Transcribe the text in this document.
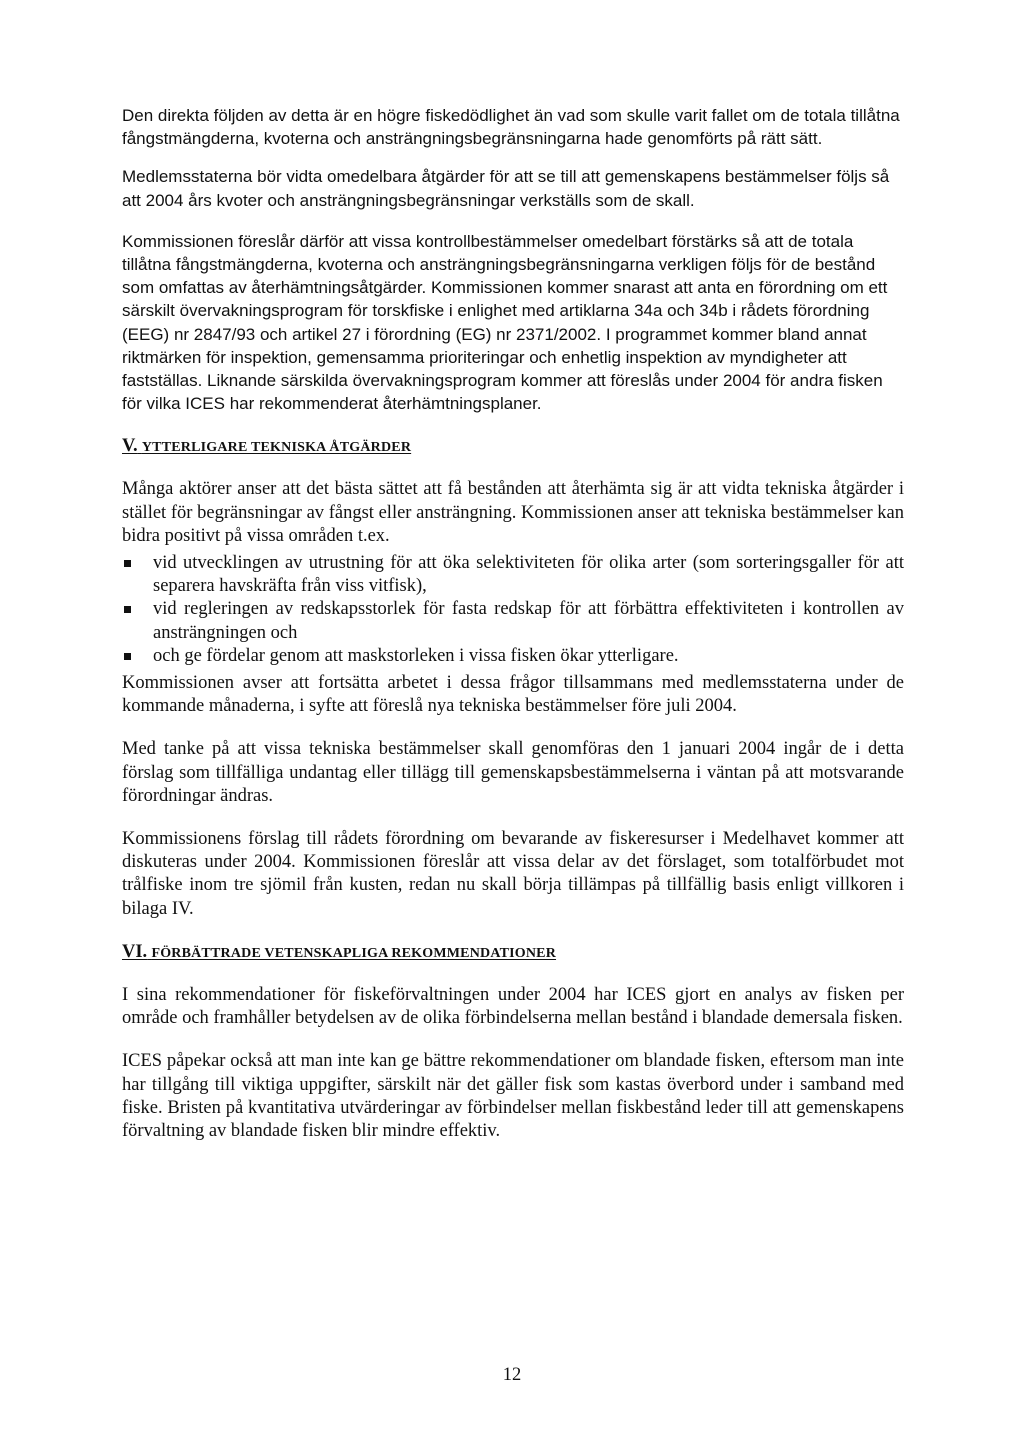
Den direkta följden av detta är en högre fiskedödlighet än vad som skulle varit fallet om de totala tillåtna fångstmängderna, kvoterna och ansträngningsbegränsningarna hade genomförts på rätt sätt.

Medlemsstaterna bör vidta omedelbara åtgärder för att se till att gemenskapens bestämmelser följs så att 2004 års kvoter och ansträngningsbegränsningar verkställs som de skall.

Kommissionen föreslår därför att vissa kontrollbestämmelser omedelbart förstärks så att de totala tillåtna fångstmängderna, kvoterna och ansträngningsbegränsningarna verkligen följs för de bestånd som omfattas av återhämtningsåtgärder. Kommissionen kommer snarast att anta en förordning om ett särskilt övervakningsprogram för torskfiske i enlighet med artiklarna 34a och 34b i rådets förordning (EEG) nr 2847/93 och artikel 27 i förordning (EG) nr 2371/2002. I programmet kommer bland annat riktmärken för inspektion, gemensamma prioriteringar och enhetlig inspektion av myndigheter att fastställas. Liknande särskilda övervakningsprogram kommer att föreslås under 2004 för andra fisken för vilka ICES har rekommenderat återhämtningsplaner.

V. YTTERLIGARE TEKNISKA ÅTGÄRDER

Många aktörer anser att det bästa sättet att få bestånden att återhämta sig är att vidta tekniska åtgärder i stället för begränsningar av fångst eller ansträngning. Kommissionen anser att tekniska bestämmelser kan bidra positivt på vissa områden t.ex.

vid utvecklingen av utrustning för att öka selektiviteten för olika arter (som sorteringsgaller för att separera havskräfta från viss vitfisk),
vid regleringen av redskapsstorlek för fasta redskap för att förbättra effektiviteten i kontrollen av ansträngningen och
och ge fördelar genom att maskstorleken i vissa fisken ökar ytterligare.

Kommissionen avser att fortsätta arbetet i dessa frågor tillsammans med medlemsstaterna under de kommande månaderna, i syfte att föreslå nya tekniska bestämmelser före juli 2004.

Med tanke på att vissa tekniska bestämmelser skall genomföras den 1 januari 2004 ingår de i detta förslag som tillfälliga undantag eller tillägg till gemenskapsbestämmelserna i väntan på att motsvarande förordningar ändras.

Kommissionens förslag till rådets förordning om bevarande av fiskeresurser i Medelhavet kommer att diskuteras under 2004. Kommissionen föreslår att vissa delar av det förslaget, som totalförbudet mot trålfiske inom tre sjömil från kusten, redan nu skall börja tillämpas på tillfällig basis enligt villkoren i bilaga IV.

VI. FÖRBÄTTRADE VETENSKAPLIGA REKOMMENDATIONER

I sina rekommendationer för fiskeförvaltningen under 2004 har ICES gjort en analys av fisken per område och framhåller betydelsen av de olika förbindelserna mellan bestånd i blandade demersala fisken.

ICES påpekar också att man inte kan ge bättre rekommendationer om blandade fisken, eftersom man inte har tillgång till viktiga uppgifter, särskilt när det gäller fisk som kastas överbord under i samband med fiske. Bristen på kvantitativa utvärderingar av förbindelser mellan fiskbestånd leder till att gemenskapens förvaltning av blandade fisken blir mindre effektiv.

12
